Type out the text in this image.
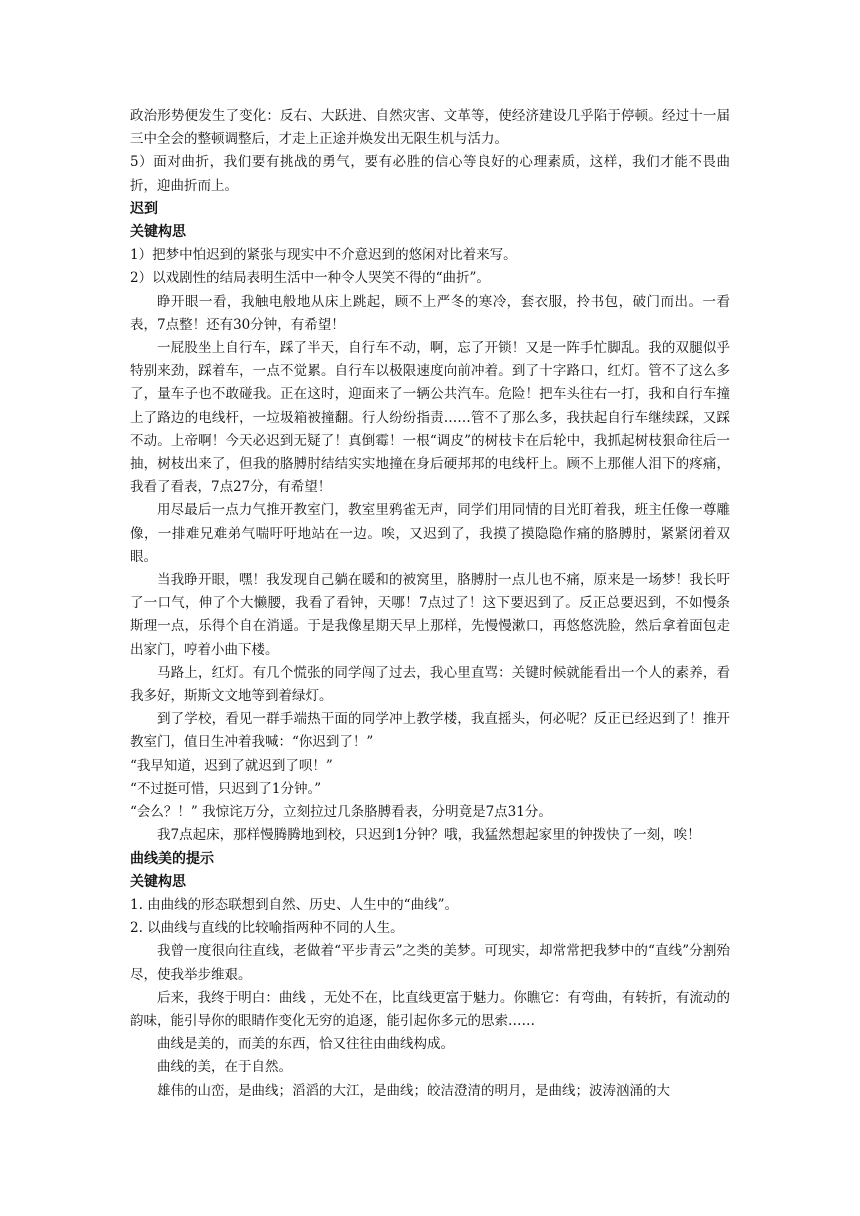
政治形势便发生了变化：反右、大跃进、自然灾害、文革等，使经济建设几乎陷于停顿。经过十一届三中全会的整顿调整后，才走上正途并焕发出无限生机与活力。

5）面对曲折，我们要有挑战的勇气，要有必胜的信心等良好的心理素质，这样，我们才能不畏曲折，迎曲折而上。

迟到

关键构思

1）把梦中怕迟到的紧张与现实中不介意迟到的悠闲对比着来写。

2）以戏剧性的结局表明生活中一种令人哭笑不得的“曲折”。

睁开眼一看，我触电般地从床上跳起，顾不上严冬的寒冷，套衣服，拎书包，破门而出。一看表，7点整！还有30分钟，有希望！

一屁股坐上自行车，踩了半天，自行车不动，啊，忘了开锁！又是一阵手忙脚乱。我的双腿似乎特别来劲，踩着车，一点不觉累。自行车以极限速度向前冲着。到了十字路口，红灯。管不了这么多了，量车子也不敢碰我。正在这时，迎面来了一辆公共汽车。危险！把车头往右一打，我和自行车撞上了路边的电线杆，一垃圾箱被撞翻。行人纷纷指责……管不了那么多，我扶起自行车继续踩，又踩不动。上帝啊！今天必迟到无疑了！真倒霉！一根“调皮”的树枝卡在后轮中，我抓起树枝狠命往后一抽，树枝出来了，但我的胳膊肘结结实实地撞在身后硬邦邦的电线杆上。顾不上那催人泪下的疼痛，我看了看表，7点27分，有希望！

用尽最后一点力气推开教室门，教室里鸦雀无声，同学们用同情的目光盯着我，班主任像一尊雕像，一排难兄难弟气喘吁吁地站在一边。唉，又迟到了，我摸了摸隐隐作痛的胳膊肘，紧紧闭着双眼。

当我睁开眼，嘿！我发现自己躺在暖和的被窝里，胳膊肘一点儿也不痛，原来是一场梦！我长吁了一口气，伸了个大懒腰，我看了看钟，天哪！7点过了！这下要迟到了。反正总要迟到，不如慢条斯理一点，乐得个自在消遥。于是我像星期天早上那样，先慢慢漱口，再悠悠洗脸，然后拿着面包走出家门，哼着小曲下楼。

马路上，红灯。有几个慌张的同学闯了过去，我心里直骂：关键时候就能看出一个人的素养，看我多好，斯斯文文地等到着绿灯。

到了学校，看见一群手端热干面的同学冲上教学楼，我直摇头，何必呢？反正已经迟到了！推开教室门，值日生冲着我喊：“你迟到了！”

“我早知道，迟到了就迟到了呗！”

“不过挺可惜，只迟到了1分钟。”

“会么？！” 我惊诧万分，立刻拉过几条胳膊看表，分明竟是7点31分。

我7点起床，那样慢腾腾地到校，只迟到1分钟？哦，我猛然想起家里的钟拨快了一刻，唉！

曲线美的提示

关键构思

1. 由曲线的形态联想到自然、历史、人生中的“曲线”。

2. 以曲线与直线的比较喻指两种不同的人生。

我曾一度很向往直线，老做着“平步青云”之类的美梦。可现实，却常常把我梦中的“直线”分割殆尽，使我举步维艰。

后来，我终于明白：曲线 ，无处不在，比直线更富于魅力。你瞧它：有弯曲，有转折，有流动的韵味，能引导你的眼睛作变化无穷的追逐，能引起你多元的思索……

曲线是美的，而美的东西，恰又往往由曲线构成。

曲线的美，在于自然。

雄伟的山峦，是曲线；滔滔的大江，是曲线；皎洁澄清的明月，是曲线；波涛汹涌的大
